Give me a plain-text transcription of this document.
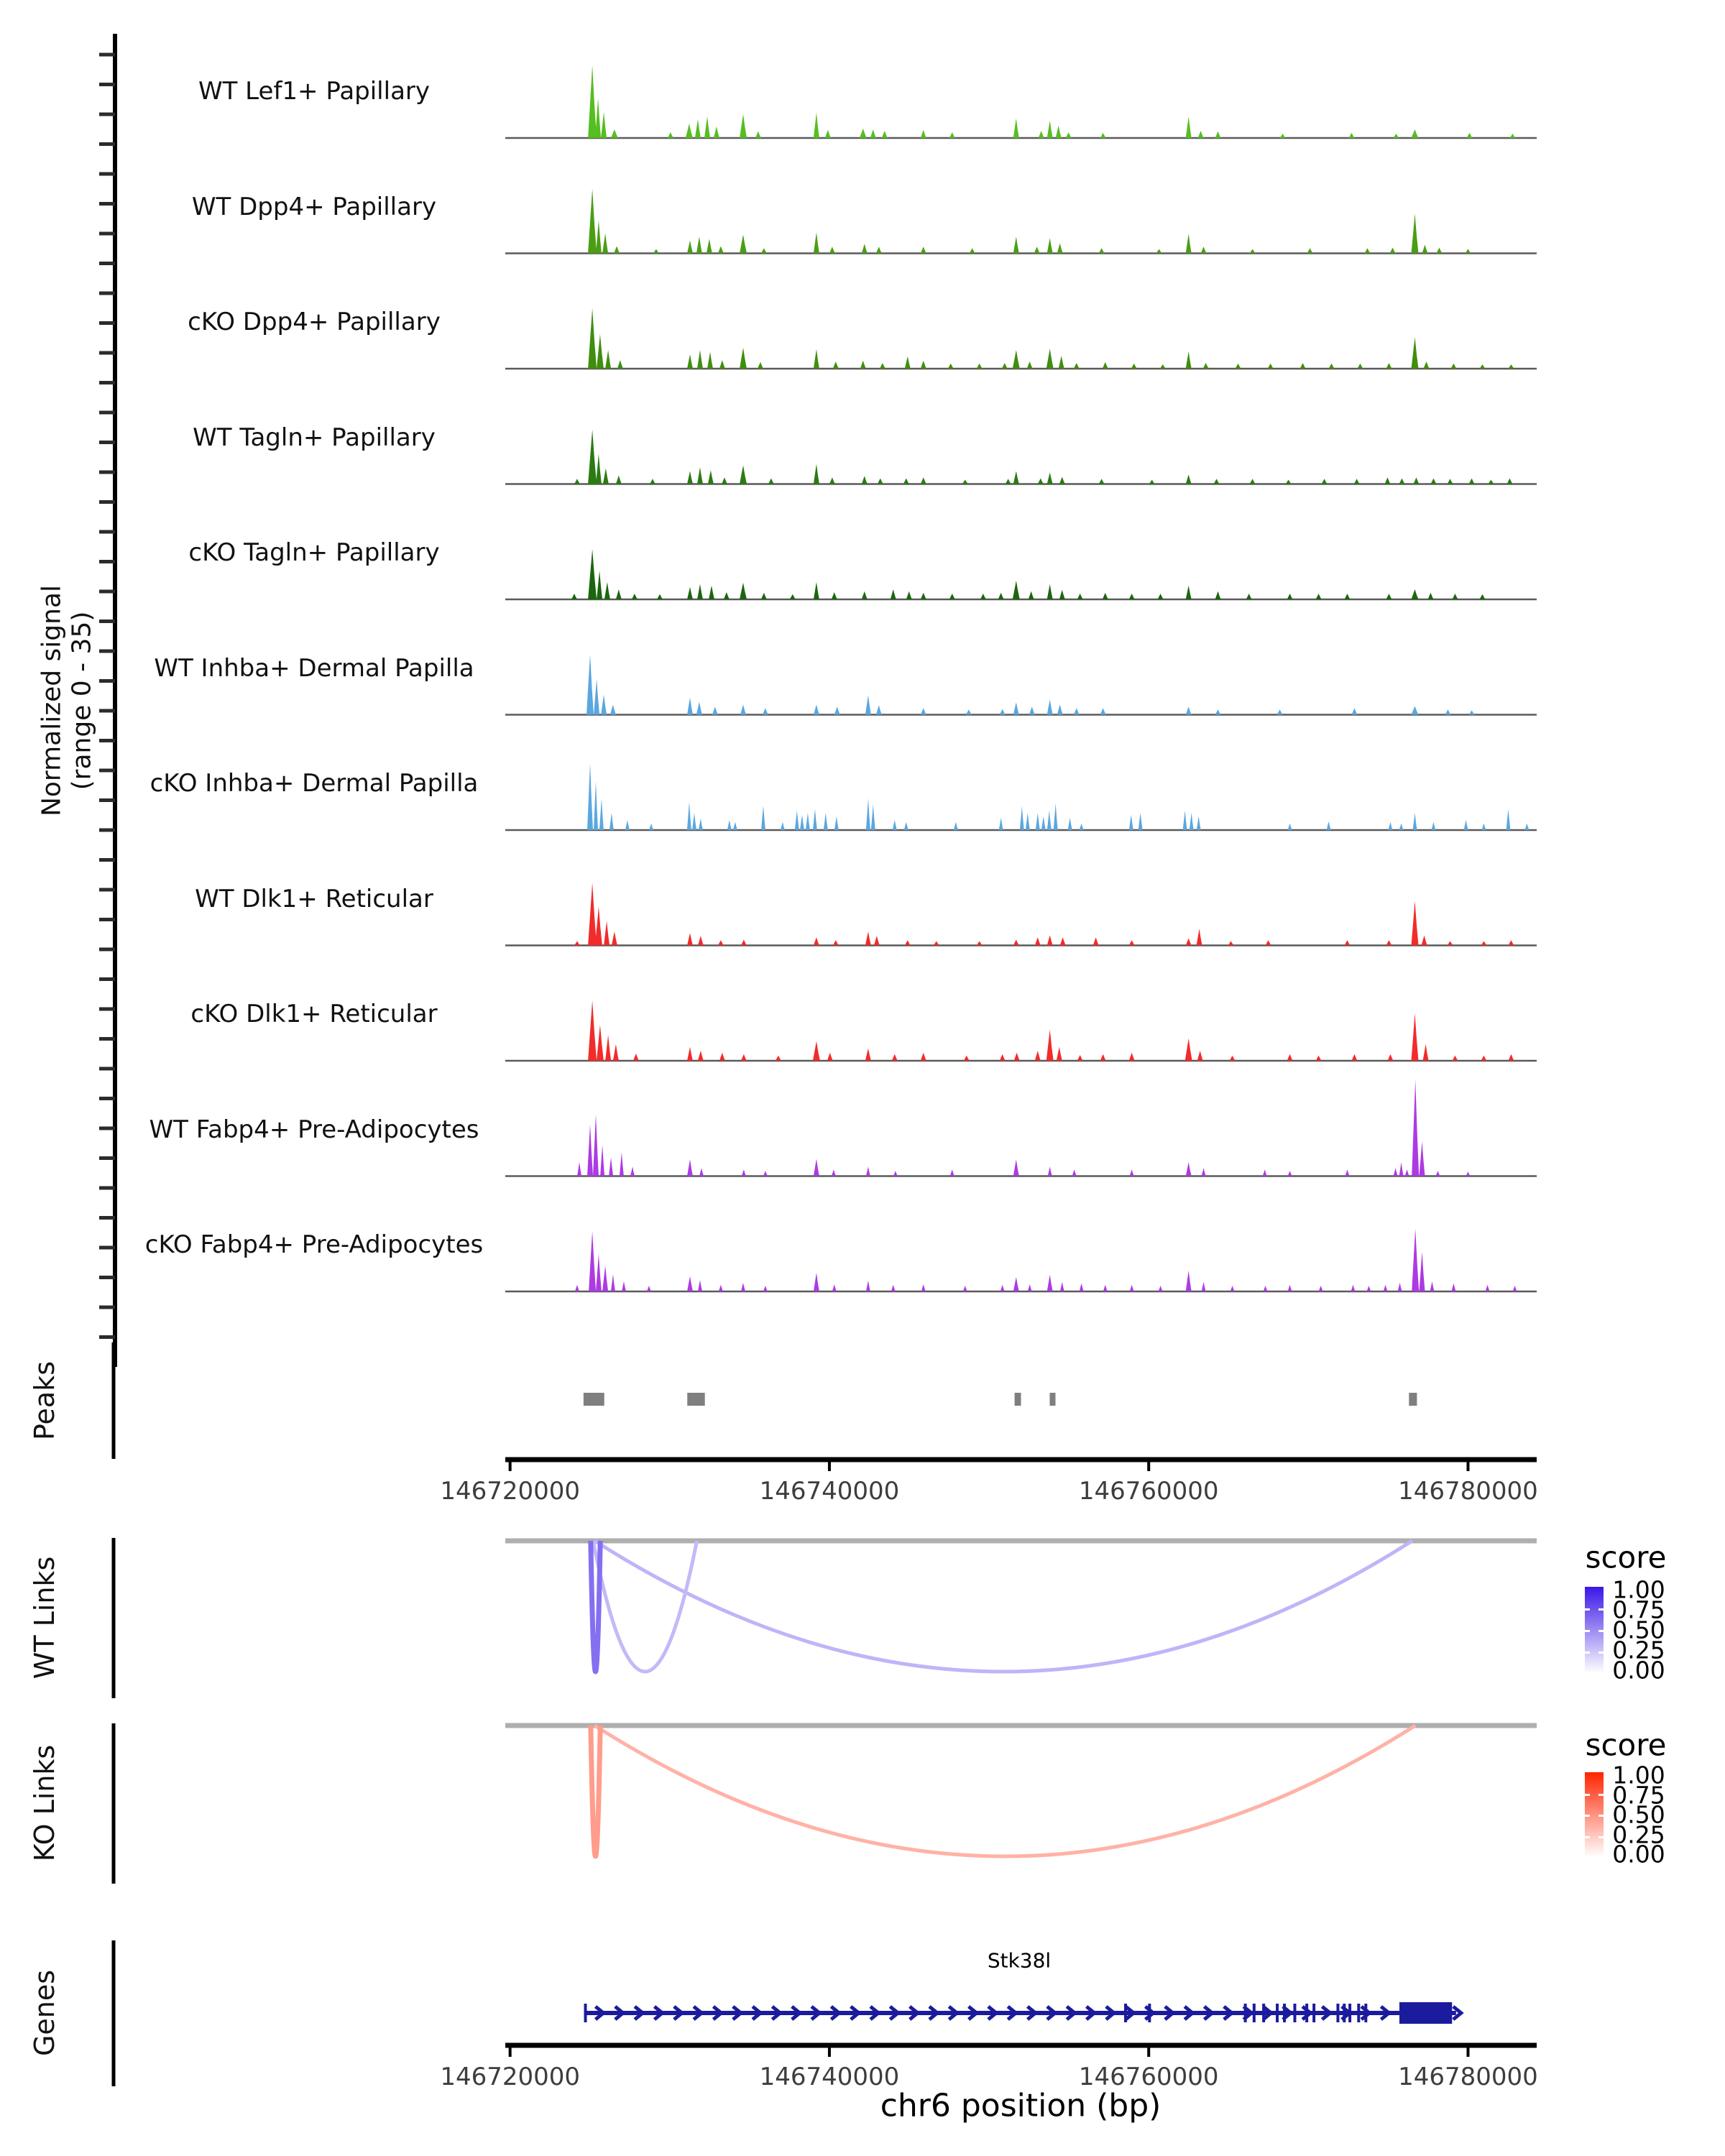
Normalized signal (range 0 - 35)
Peaks
WT Links
KO Links
Genes
Stk38l
chr6 position (bp)
score
score
WT Lef1+ Papillary
WT Dpp4+ Papillary
cKO Dpp4+ Papillary
WT Tagln+ Papillary
cKO Tagln+ Papillary
WT Inhba+ Dermal Papilla
cKO Inhba+ Dermal Papilla
WT Dlk1+ Reticular
cKO Dlk1+ Reticular
WT Fabp4+ Pre-Adipocytes
cKO Fabp4+ Pre-Adipocytes
146720000	146740000	146760000	146780000
1.00
0.75
0.50
0.25
0.00
1.00
0.75
0.50
0.25
0.00
146720000	146740000	146760000	146780000
